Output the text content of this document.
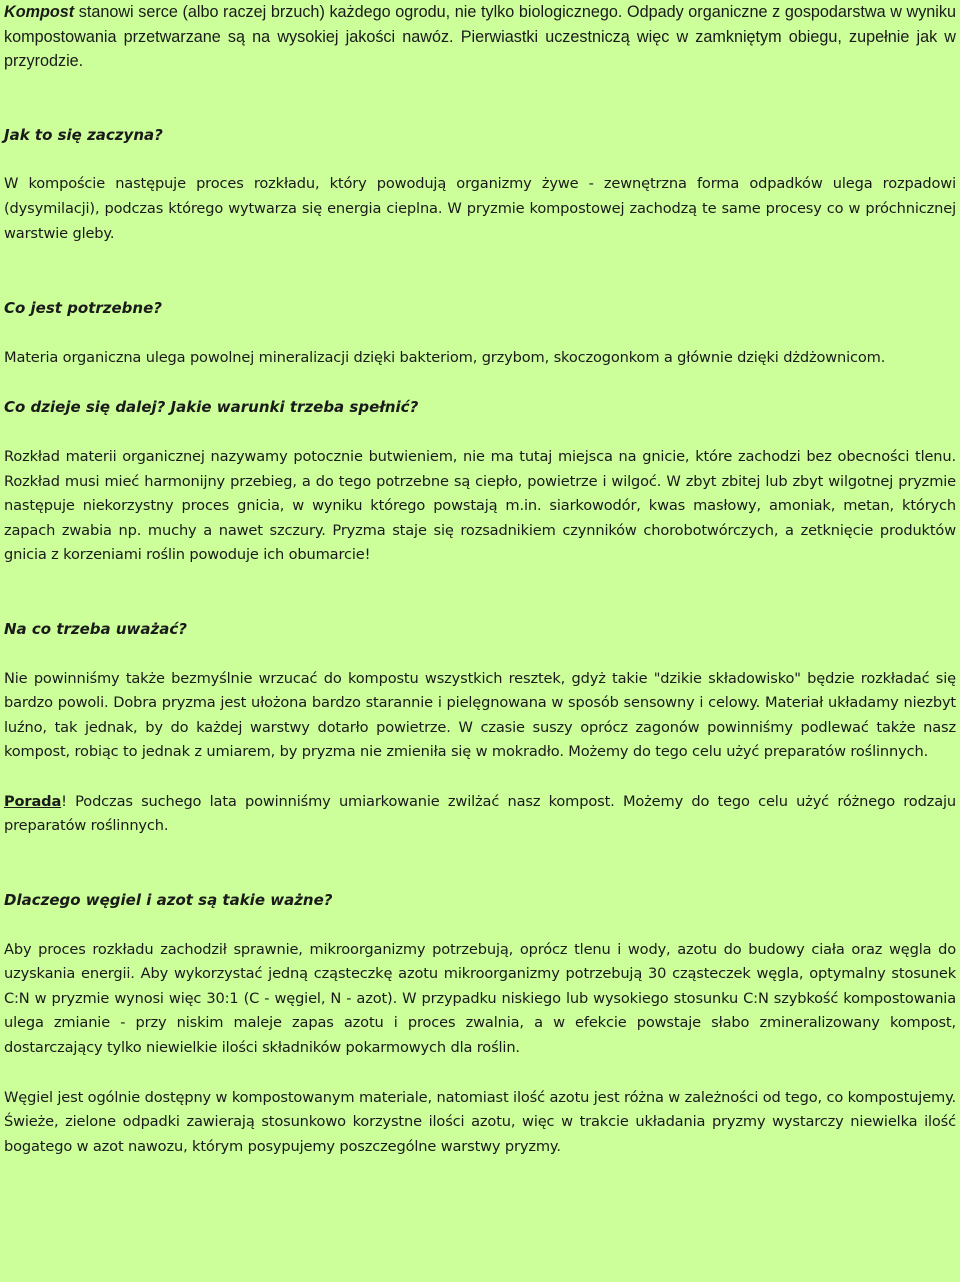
Kompost stanowi serce (albo raczej brzuch) każdego ogrodu, nie tylko biologicznego. Odpady organiczne z gospodarstwa w wyniku kompostowania przetwarzane są na wysokiej jakości nawóz. Pierwiastki uczestniczą więc w zamkniętym obiegu, zupełnie jak w przyrodzie.

Jak to się zaczyna?

W kompoście następuje proces rozkładu, który powodują organizmy żywe - zewnętrzna forma odpadków ulega rozpadowi (dysymilacji), podczas którego wytwarza się energia cieplna. W pryzmie kompostowej zachodzą te same procesy co w próchnicznej warstwie gleby.

Co jest potrzebne?

Materia organiczna ulega powolnej mineralizacji dzięki bakteriom, grzybom, skoczogonkom a głównie dzięki dżdżownicom.

Co dzieje się dalej? Jakie warunki trzeba spełnić?

Rozkład materii organicznej nazywamy potocznie butwieniem, nie ma tutaj miejsca na gnicie, które zachodzi bez obecności tlenu. Rozkład musi mieć harmonijny przebieg, a do tego potrzebne są ciepło, powietrze i wilgoć. W zbyt zbitej lub zbyt wilgotnej pryzmie następuje niekorzystny proces gnicia, w wyniku którego powstają m.in. siarkowodór, kwas masłowy, amoniak, metan, których zapach zwabia np. muchy a nawet szczury. Pryzma staje się rozsadnikiem czynników chorobotwórczych, a zetknięcie produktów gnicia z korzeniami roślin powoduje ich obumarcie!

Na co trzeba uważać?

Nie powinniśmy także bezmyślnie wrzucać do kompostu wszystkich resztek, gdyż takie "dzikie składowisko" będzie rozkładać się bardzo powoli. Dobra pryzma jest ułożona bardzo starannie i pielęgnowana w sposób sensowny i celowy. Materiał układamy niezbyt luźno, tak jednak, by do każdej warstwy dotarło powietrze. W czasie suszy oprócz zagonów powinniśmy podlewać także nasz kompost, robiąc to jednak z umiarem, by pryzma nie zmieniła się w mokradło. Możemy do tego celu użyć preparatów roślinnych.

Porada! Podczas suchego lata powinniśmy umiarkowanie zwilżać nasz kompost. Możemy do tego celu użyć różnego rodzaju preparatów roślinnych.

Dlaczego węgiel i azot są takie ważne?

Aby proces rozkładu zachodził sprawnie, mikroorganizmy potrzebują, oprócz tlenu i wody, azotu do budowy ciała oraz węgla do uzyskania energii. Aby wykorzystać jedną cząsteczkę azotu mikroorganizmy potrzebują 30 cząsteczek węgla, optymalny stosunek C:N w pryzmie wynosi więc 30:1 (C - węgiel, N - azot). W przypadku niskiego lub wysokiego stosunku C:N szybkość kompostowania ulega zmianie - przy niskim maleje zapas azotu i proces zwalnia, a w efekcie powstaje słabo zmineralizowany kompost, dostarczający tylko niewielkie ilości składników pokarmowych dla roślin.

Węgiel jest ogólnie dostępny w kompostowanym materiale, natomiast ilość azotu jest różna w zależności od tego, co kompostujemy. Świeże, zielone odpadki zawierają stosunkowo korzystne ilości azotu, więc w trakcie układania pryzmy wystarczy niewielka ilość bogatego w azot nawozu, którym posypujemy poszczególne warstwy pryzmy.
